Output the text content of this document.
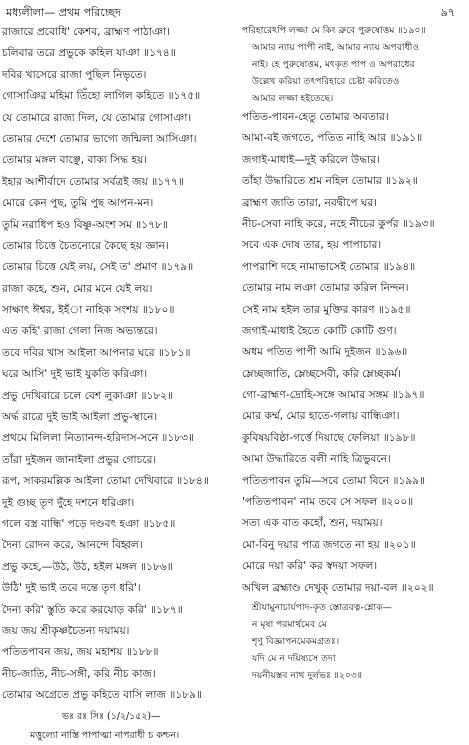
মধ্যলীলা— প্রথম পরিচ্ছেদ	৯৭
রাজারে প্রবোধি' কেশব, ব্রাহ্মণ পাঠাঞা।
চলিবার তরে প্রভুকে কহিল যাঞা ॥১৭৪॥
দবির খাসেরে রাজা পুছিল নিভৃতে।
গোসাঞির মহিমা তিঁহো লাগিল কহিতে ॥১৭৫॥
যে তোমারে রাজ্য দিল, যে তোমার গোসাঞা।
তোমার দেশে তোমার ভাগ্যে জন্মিলা আসিঞা।
তোমার মঙ্গল বাঞ্ছে, বাক্য সিদ্ধ হয়।
ইহার আশীর্বাদে তোমার সর্বত্রই জয় ॥১৭৭॥
মোরে কেন পুছ, তুমি পুছ আপন-মন।
তুমি নরাধিপ হও বিষ্ণু-অংশ সম ॥১৭৮॥
তোমার চিত্তে চৈতন্যেরে কৈছে হয় জ্ঞান।
তোমার চিত্তে যেই লয়, সেই ত' প্রমাণ ॥১৭৯॥
রাজা কহে, শুন, মোর মনে যেই লয়।
সাক্ষাৎ ঈশ্বর, ইহঁা নাহিক সংশয় ॥১৮০॥
এত কহি' রাজা গেলা নিজ অভ্যন্তরে।
তবে দবির খাস আইলা আপনার ঘরে ॥১৮১॥
ঘরে আসি' দুই ভাই যুকতি করিঞা।
প্রভু দেখিবারে চলে বেশ লুকাঞা ॥১৮২॥
অর্দ্ধ রাত্রে দুই ভাই আইলা প্রভু-স্থানে।
প্রথমে মিলিলা নিত্যানন্দ-হরিদাস-সনে ॥১৮৩॥
তাঁরা দুইজন জানাইলা প্রভুর গোচরে।
রূপ, সাকরমল্লিক আইলা তোমা দেখিবারে ॥১৮৪॥
দুই গুচ্ছ তৃণ দুঁহে দশনে ধরিঞা।
গলে বস্ত্র বান্ধি' পড়ে দণ্ডবৎ হঞা ॥১৮৫॥
দৈন্য রোদন করে, আনন্দে বিহ্বল।
প্রভু কহে,—উঠ, উঠ, হইল মঙ্গল ॥১৮৬॥
উঠি' দুই ভাই তবে দন্তে তৃণ ধরি'।
দৈন্য করি' স্তুতি করে করযোড় করি' ॥১৮৭॥
জয় জয় শ্রীকৃষ্ণচৈতন্য দয়াময়।
পতিতপাবন জয়, জয় মহাশয় ॥১৮৮॥
নীচ-জাতি, নীচ-সঙ্গী, করি নীচ কাজ।
তোমার অগ্রেতে প্রভু কহিতে বাসি লাজ ॥১৮৯॥
ভঃ রঃ সিঃ (১/২/১৫২)—
মত্তুল্যো নাস্তি পাপাত্মা নাপরাধী চ কশ্চন।
পরিহারেঽপি লজ্জা মে কিং ব্রুবে পুরুষোত্তম ॥১৯০॥
আমার ন্যায় পাপী নাই, আমার ন্যায় অপরাধীও
নাই। হে পুরুষোত্তম, মৎকৃত পাপ ও অপরাধের
উল্লেখ করিয়া তৎপরিহারে চেষ্টা করিতেও
আমার লজ্জা হইতেছে।
পতিত-পাবন-হেতু তোমার অবতার।
আমা-বই জগতে, পতিত নাহি আর ॥১৯১॥
জগাই-মাধাই—দুই করিলে উদ্ধার।
তাঁহা উদ্ধারিতে শ্রম নহিল তোমার ॥১৯২॥
ব্রাহ্মণ জাতি তারা, নবদ্বীপে ঘর।
নীচ-সেবা নাহি করে, নহে নীচের কুর্পর ॥১৯৩॥
সবে এক দোষ তার, হয় পাপাচার।
পাপরাশি দহে নামাভাসেই তোমার ॥১৯৪॥
তোমার নাম লঞা তোমার করিল নিন্দন।
সেই নাম হইল তার মুক্তির কারণ ॥১৯৫॥
জগাই-মাধাই হৈতে কোটি কোটি গুণ।
অধম পতিত পাপী আমি দুইজন ॥১৯৬॥
ম্লেচ্ছজাতি, ম্লেচ্ছসেবী, করি ম্লেচ্ছকর্ম।
গো-ব্রাহ্মণ-দ্রোহি-সঙ্গে আমার সঙ্গম ॥১৯৭॥
মোর কর্ম্ম, মোর হাতে-গলায় বান্ধিঞা।
কুবিষয়বিষ্ঠা-গর্ত্তে দিয়াছে ফেলিয়া ॥১৯৮॥
আমা উদ্ধারিতে বলী নাহি ত্রিভুবনে।
পতিতপাবন তুমি—সবে তোমা বিনে ॥১৯৯॥
'পতিতপাবন' নাম তবে সে সফল ॥২০০॥
সত্য এক বাত কহোঁ, শুন, দয়াময়।
মো-বিনু দয়ার পাত্র জগতে না হয় ॥২০১॥
মোরে দয়া করি' কর স্বদয়া সফল।
অখিল ব্রহ্মাণ্ড দেখুক্ তোমার দয়া-বল ॥২০২॥
শ্রীযামুনাচার্যপাদ-কৃত স্তোত্ররত্ন-শ্লোক—
ন মৃষা পরমার্থমেব মে
শৃণু বিজ্ঞাপনমেকমগ্রতঃ।
যদি মে ন দয়িষ্যসে তদা
দয়নীয়স্তব নাথ দুর্লভঃ ॥২০৩॥
